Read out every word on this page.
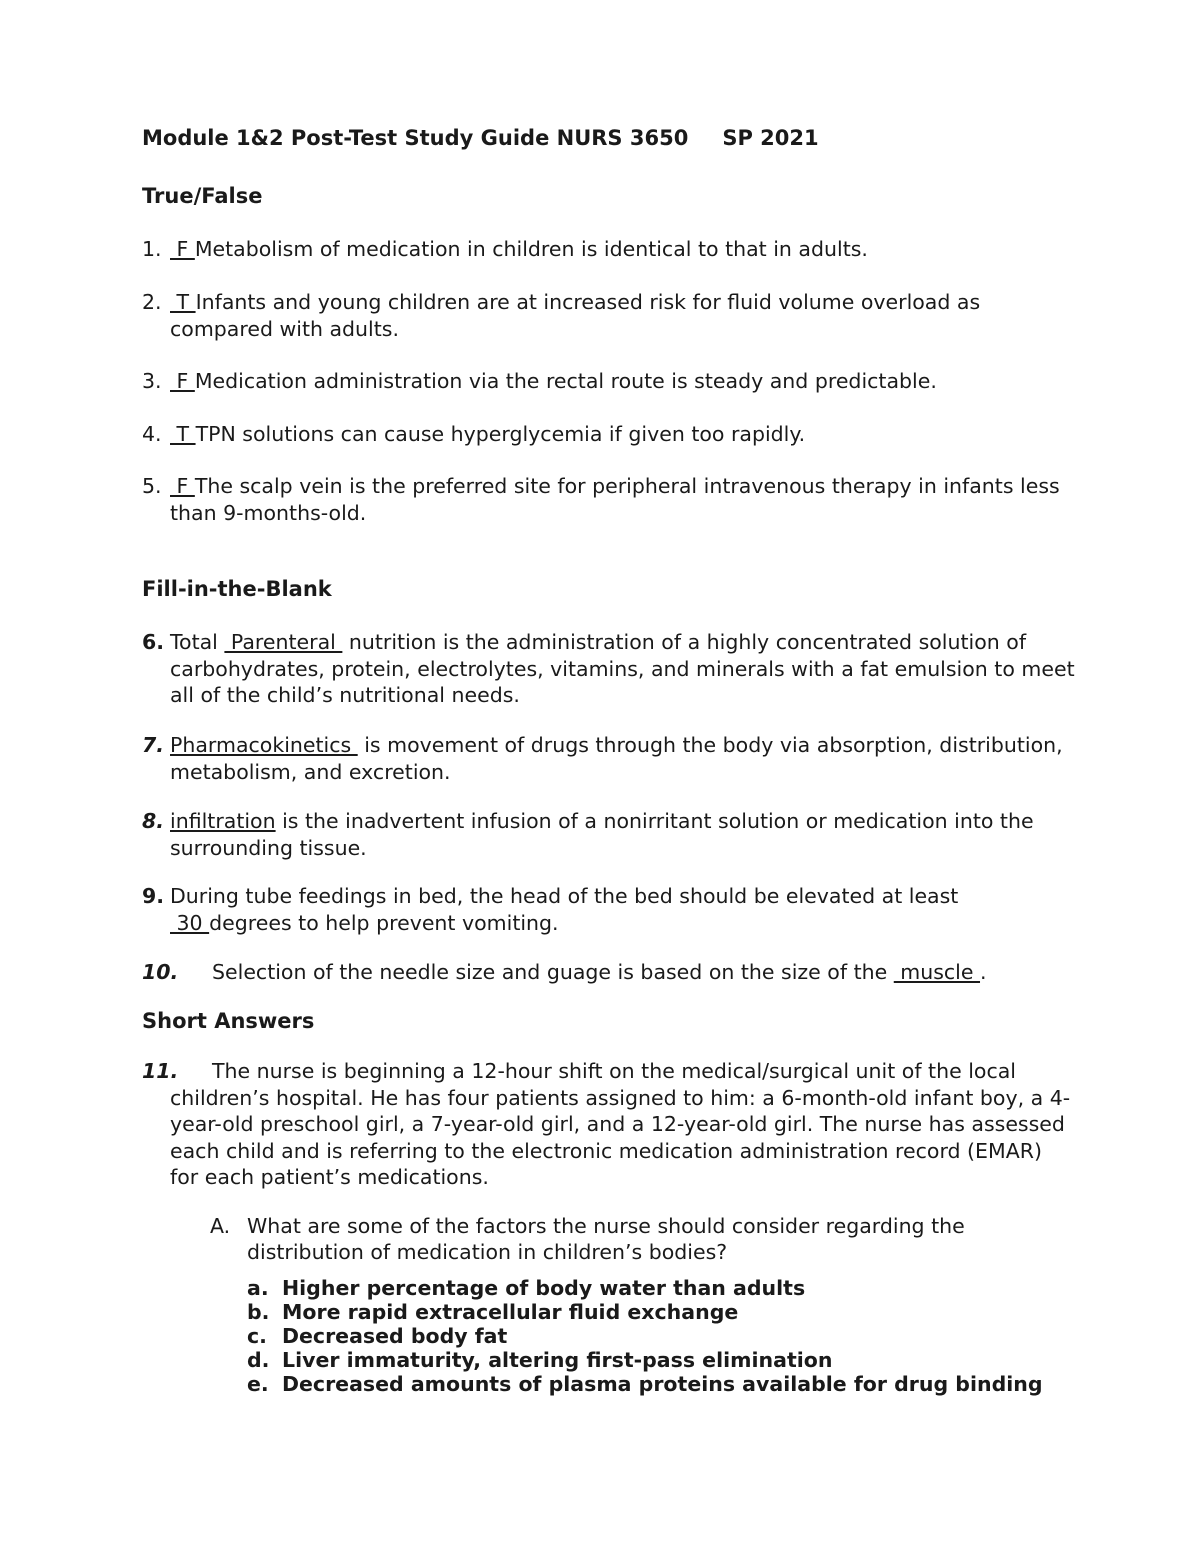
Module 1&2 Post-Test Study Guide NURS 3650 SP 2021
True/False
1. F Metabolism of medication in children is identical to that in adults.
2. T Infants and young children are at increased risk for fluid volume overload as compared with adults.
3. F Medication administration via the rectal route is steady and predictable.
4. T TPN solutions can cause hyperglycemia if given too rapidly.
5. F The scalp vein is the preferred site for peripheral intravenous therapy in infants less than 9-months-old.
Fill-in-the-Blank
6. Total  Parenteral  nutrition is the administration of a highly concentrated solution of carbohydrates, protein, electrolytes, vitamins, and minerals with a fat emulsion to meet all of the child’s nutritional needs.
7. Pharmacokinetics  is movement of drugs through the body via absorption, distribution, metabolism, and excretion.
8. infiltration is the inadvertent infusion of a nonirritant solution or medication into the surrounding tissue.
9. During tube feedings in bed, the head of the bed should be elevated at least  30 degrees to help prevent vomiting.
10. Selection of the needle size and guage is based on the size of the  muscle .
Short Answers
11.	The nurse is beginning a 12-hour shift on the medical/surgical unit of the local children’s hospital. He has four patients assigned to him: a 6-month-old infant boy, a 4-year-old preschool girl, a 7-year-old girl, and a 12-year-old girl. The nurse has assessed each child and is referring to the electronic medication administration record (EMAR) for each patient’s medications.
A. What are some of the factors the nurse should consider regarding the distribution of medication in children’s bodies?
a. Higher percentage of body water than adults
b. More rapid extracellular fluid exchange
c. Decreased body fat
d. Liver immaturity, altering first-pass elimination
e. Decreased amounts of plasma proteins available for drug binding
